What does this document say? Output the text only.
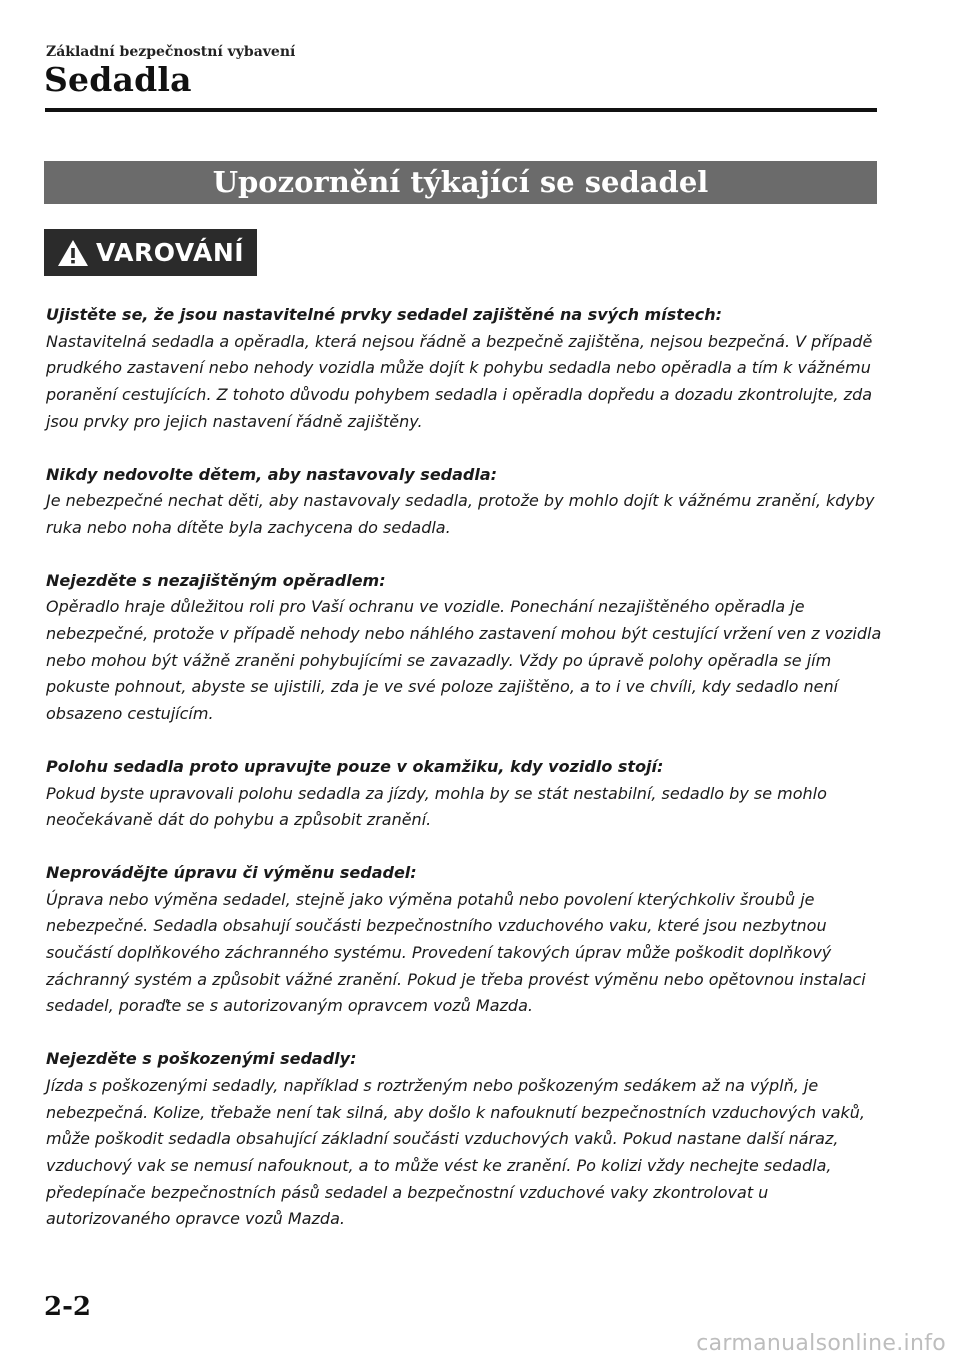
Základní bezpečnostní vybavení
Sedadla
Upozornění týkající se sedadel
VAROVÁNÍ
Ujistěte se, že jsou nastavitelné prvky sedadel zajištěné na svých místech:

Nastavitelná sedadla a opěradla, která nejsou řádně a bezpečně zajištěna, nejsou bezpečná. V případě prudkého zastavení nebo nehody vozidla může dojít k pohybu sedadla nebo opěradla a tím k vážnému poranění cestujících. Z tohoto důvodu pohybem sedadla i opěradla dopředu a dozadu zkontrolujte, zda jsou prvky pro jejich nastavení řádně zajištěny.

Nikdy nedovolte dětem, aby nastavovaly sedadla:

Je nebezpečné nechat děti, aby nastavovaly sedadla, protože by mohlo dojít k vážnému zranění, kdyby ruka nebo noha dítěte byla zachycena do sedadla.

Nejezděte s nezajištěným opěradlem:

Opěradlo hraje důležitou roli pro Vaší ochranu ve vozidle. Ponechání nezajištěného opěradla je nebezpečné, protože v případě nehody nebo náhlého zastavení mohou být cestující vržení ven z vozidla nebo mohou být vážně zraněni pohybujícími se zavazadly. Vždy po úpravě polohy opěradla se jím pokuste pohnout, abyste se ujistili, zda je ve své poloze zajištěno, a to i ve chvíli, kdy sedadlo není obsazeno cestujícím.

Polohu sedadla proto upravujte pouze v okamžiku, kdy vozidlo stojí:

Pokud byste upravovali polohu sedadla za jízdy, mohla by se stát nestabilní, sedadlo by se mohlo neočekávaně dát do pohybu a způsobit zranění.

Neprovádějte úpravu či výměnu sedadel:

Úprava nebo výměna sedadel, stejně jako výměna potahů nebo povolení kterýchkoliv šroubů je nebezpečné. Sedadla obsahují součásti bezpečnostního vzduchového vaku, které jsou nezbytnou součástí doplňkového záchranného systému. Provedení takových úprav může poškodit doplňkový záchranný systém a způsobit vážné zranění. Pokud je třeba provést výměnu nebo opětovnou instalaci sedadel, poraďte se s autorizovaným opravcem vozů Mazda.

Nejezděte s poškozenými sedadly:

Jízda s poškozenými sedadly, například s roztrženým nebo poškozeným sedákem až na výplň, je nebezpečná. Kolize, třebaže není tak silná, aby došlo k nafouknutí bezpečnostních vzduchových vaků, může poškodit sedadla obsahující základní součásti vzduchových vaků. Pokud nastane další náraz, vzduchový vak se nemusí nafouknout, a to může vést ke zranění. Po kolizi vždy nechejte sedadla, předepínače bezpečnostních pásů sedadel a bezpečnostní vzduchové vaky zkontrolovat u autorizovaného opravce vozů Mazda.

2-2
carmanualsonline.info
